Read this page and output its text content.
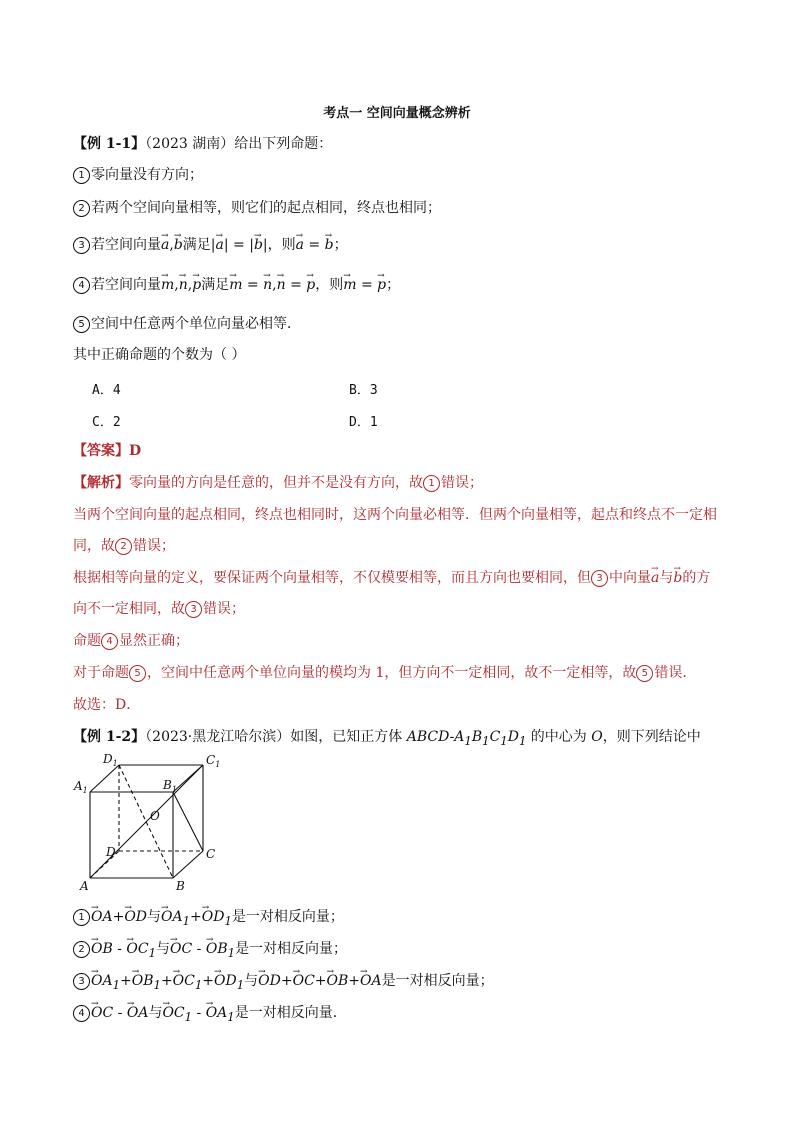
考点一 空间向量概念辨析
【例 1-1】（2023 湖南）给出下列命题：
1 零向量没有方向；
2 若两个空间向量相等，则它们的起点相同，终点也相同；
3 若空间向量→ a,→ b满足|→ a| = |→ b|，则→ a = → b；
4 若空间向量→ m,→ n,→ p满足→ m = → n,→ n = → p，则→ m = → p；
5 空间中任意两个单位向量必相等．
其中正确命题的个数为（ ）
A．4	B．3
C．2	D．1
【答案】D
【解析】零向量的方向是任意的，但并不是没有方向，故 1 错误；
当两个空间向量的起点相同，终点也相同时，这两个向量必相等．但两个向量相等，起点和终点不一定相
同，故 2 错误；
根据相等向量的定义，要保证两个向量相等，不仅模要相等，而且方向也要相同，但 3 中向量→ a与→ b的方
向不一定相同，故 3 错误；
命题 4 显然正确；
对于命题 5 ，空间中任意两个单位向量的模均为 1，但方向不一定相同，故不一定相等，故 5 错误．
故选：D．
【例 1-2】（2023·黑龙江哈尔滨）如图，已知正方体 ABCD-$A_1B_1C_1D_1$ 的中心为 O，则下列结论中
$D_1$	$C_1$
$A_1$	$B_1$
O
D	C
A	B
1 → OA+→ OD与→ $OA_1+\to OD_1$是一对相反向量；
2 → OB - → $OC_1$与→ OC - → $OB_1$是一对相反向量；
$3 \to OA_1+\to OB_1+\to OC_1+\to OD_1$与→ OD+→ OC+→ OB+→ OA是一对相反向量；
4 → OC - → OA与→ $OC_1$ - → $OA_1$是一对相反向量．
